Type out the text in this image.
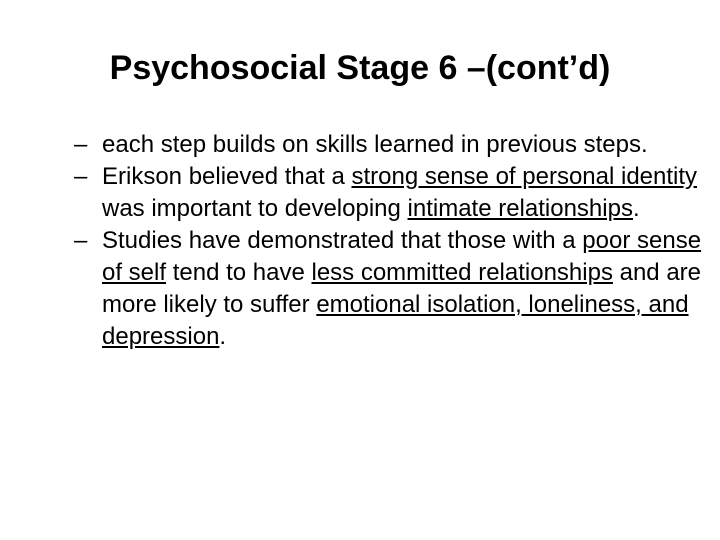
Psychosocial Stage 6 –(cont’d)
– each step builds on skills learned in previous steps.
– Erikson believed that a strong sense of personal identity was important to developing intimate relationships.
– Studies have demonstrated that those with a poor sense of self tend to have less committed relationships and are more likely to suffer emotional isolation, loneliness, and depression.
